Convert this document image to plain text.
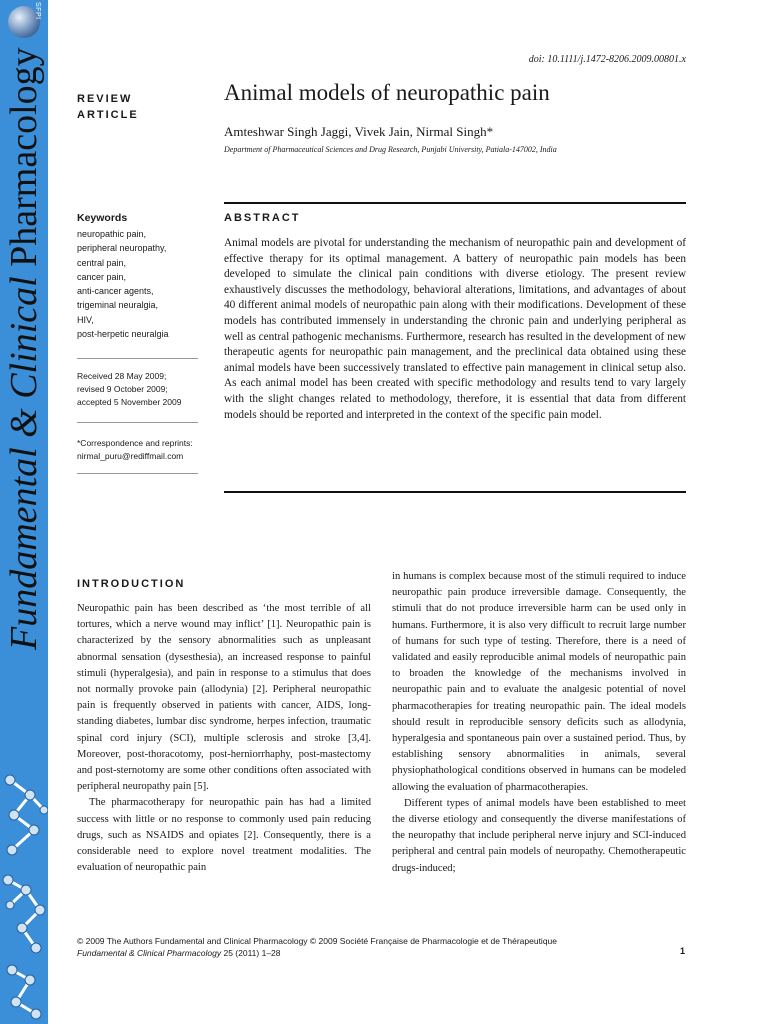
SFPI
Fundamental & Clinical Pharmacology	doi: 10.1111/j.1472-8206.2009.00801.x
REVIEW ARTICLE
Animal models of neuropathic pain
Amteshwar Singh Jaggi, Vivek Jain, Nirmal Singh*
Department of Pharmaceutical Sciences and Drug Research, Punjabi University, Patiala-147002, India
Keywords
neuropathic pain,
peripheral neuropathy,
central pain,
cancer pain,
anti-cancer agents,
trigeminal neuralgia,
HIV,
post-herpetic neuralgia
Received 28 May 2009;
revised 9 October 2009;
accepted 5 November 2009
*Correspondence and reprints:
nirmal_puru@rediffmail.com
ABSTRACT
Animal models are pivotal for understanding the mechanism of neuropathic pain and development of effective therapy for its optimal management. A battery of neuropathic pain models has been developed to simulate the clinical pain conditions with diverse etiology. The present review exhaustively discusses the methodology, behavioral alterations, limitations, and advantages of about 40 different animal models of neuropathic pain along with their modifications. Development of these models has contributed immensely in understanding the chronic pain and underlying peripheral as well as central pathogenic mechanisms. Furthermore, research has resulted in the development of new therapeutic agents for neuropathic pain management, and the preclinical data obtained using these animal models have been successively translated to effective pain management in clinical setup also. As each animal model has been created with specific methodology and results tend to vary largely with the slight changes related to methodology, therefore, it is essential that data from different models should be reported and interpreted in the context of the specific pain model.
INTRODUCTION
Neuropathic pain has been described as ‘the most terrible of all tortures, which a nerve wound may inflict’ [1]. Neuropathic pain is characterized by the sensory abnormalities such as unpleasant abnormal sensation (dysesthesia), an increased response to painful stimuli (hyperalgesia), and pain in response to a stimulus that does not normally provoke pain (allodynia) [2]. Peripheral neuropathic pain is frequently observed in patients with cancer, AIDS, long-standing diabetes, lumbar disc syndrome, herpes infection, traumatic spinal cord injury (SCI), multiple sclerosis and stroke [3,4]. Moreover, post-thoracotomy, post-herniorrhaphy, post-mastectomy and post-sternotomy are some other conditions often associated with peripheral neuropathy pain [5].
The pharmacotherapy for neuropathic pain has had a limited success with little or no response to commonly used pain reducing drugs, such as NSAIDS and opiates [2]. Consequently, there is a considerable need to explore novel treatment modalities. The evaluation of neuropathic pain
in humans is complex because most of the stimuli required to induce neuropathic pain produce irreversible damage. Consequently, the stimuli that do not produce irreversible harm can be used only in humans. Furthermore, it is also very difficult to recruit large number of humans for such type of testing. Therefore, there is a need of validated and easily reproducible animal models of neuropathic pain to broaden the knowledge of the mechanisms involved in neuropathic pain and to evaluate the analgesic potential of novel pharmacotherapies for treating neuropathic pain. The ideal models should result in reproducible sensory deficits such as allodynia, hyperalgesia and spontaneous pain over a sustained period. Thus, by establishing sensory abnormalities in animals, several physiophathological conditions observed in humans can be modeled allowing the evaluation of pharmacotherapies.
Different types of animal models have been established to meet the diverse etiology and consequently the diverse manifestations of the neuropathy that include peripheral nerve injury and SCI-induced peripheral and central pain models of neuropathy. Chemotherapeutic drugs-induced;
© 2009 The Authors Fundamental and Clinical Pharmacology © 2009 Société Française de Pharmacologie et de Thérapeutique
Fundamental & Clinical Pharmacology 25 (2011) 1–28	1
